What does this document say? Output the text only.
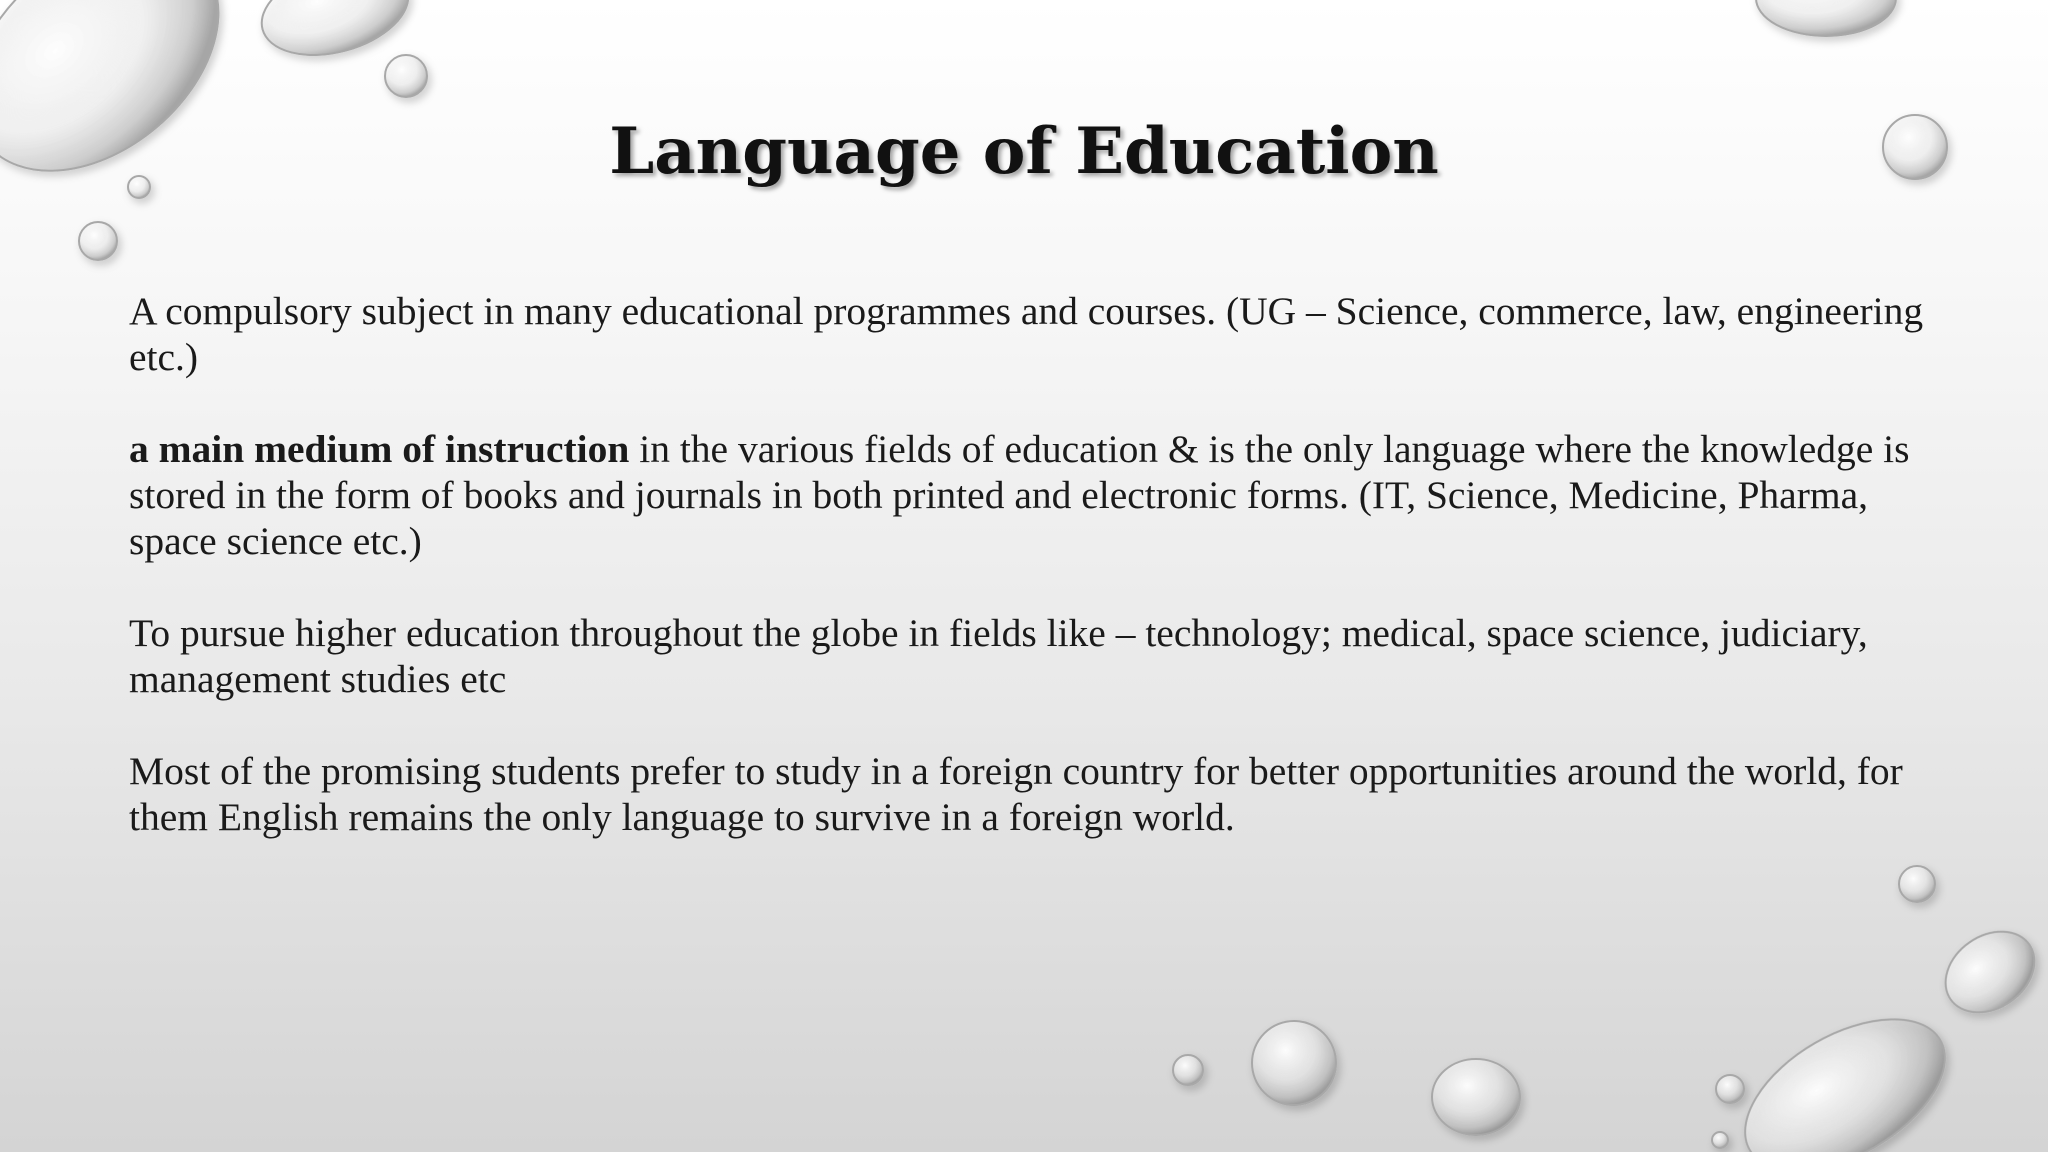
Language of Education

A compulsory subject in many educational programmes and courses. (UG – Science, commerce, law, engineering etc.)

a main medium of instruction in the various fields of education & is the only language where the knowledge is stored in the form of books and journals in both printed and electronic forms. (IT, Science, Medicine, Pharma, space science etc.)

To pursue higher education throughout the globe in fields like – technology; medical, space science, judiciary, management studies etc

Most of the promising students prefer to study in a foreign country for better opportunities around the world, for them English remains the only language to survive in a foreign world.
